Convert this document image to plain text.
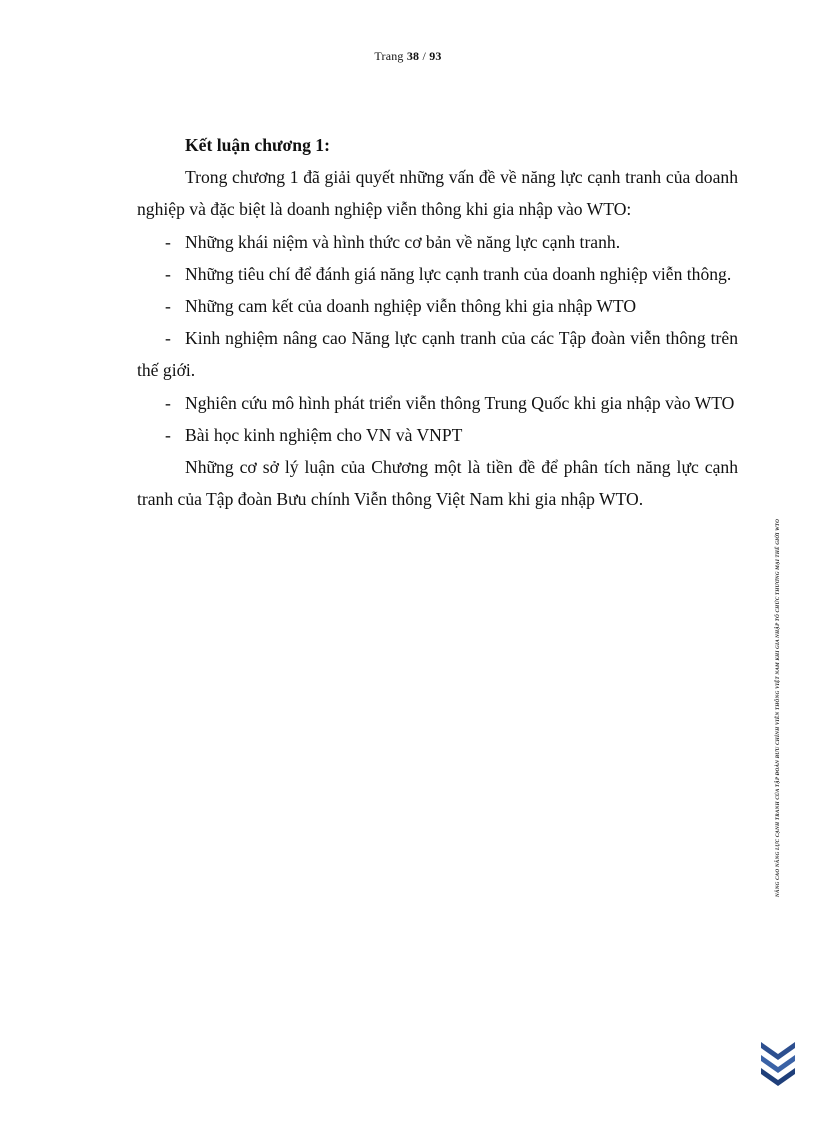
Trang 38 / 93
Kết luận chương 1:

Trong chương 1 đã giải quyết những vấn đề về năng lực cạnh tranh của doanh nghiệp và đặc biệt là doanh nghiệp viễn thông khi gia nhập vào WTO:

- Những khái niệm và hình thức cơ bản về năng lực cạnh tranh.

- Những tiêu chí để đánh giá năng lực cạnh tranh của doanh nghiệp viễn thông.

- Những cam kết của doanh nghiệp viễn thông khi gia nhập WTO

- Kinh nghiệm nâng cao Năng lực cạnh tranh của các Tập đoàn viễn thông trên thế giới.

- Nghiên cứu mô hình phát triển viễn thông Trung Quốc khi gia nhập vào WTO

- Bài học kinh nghiệm cho VN và VNPT

Những cơ sở lý luận của Chương một là tiền đề để phân tích năng lực cạnh tranh của Tập đoàn Bưu chính Viễn thông Việt Nam khi gia nhập WTO.

NÂNG CAO NĂNG LỰC CẠNH TRANH CỦA TẬP ĐOÀN BƯU CHÍNH VIỄN THÔNG VIỆT NAM KHI GIA NHẬP TỔ CHỨC THƯƠNG MẠI THẾ GIỚI WTO
